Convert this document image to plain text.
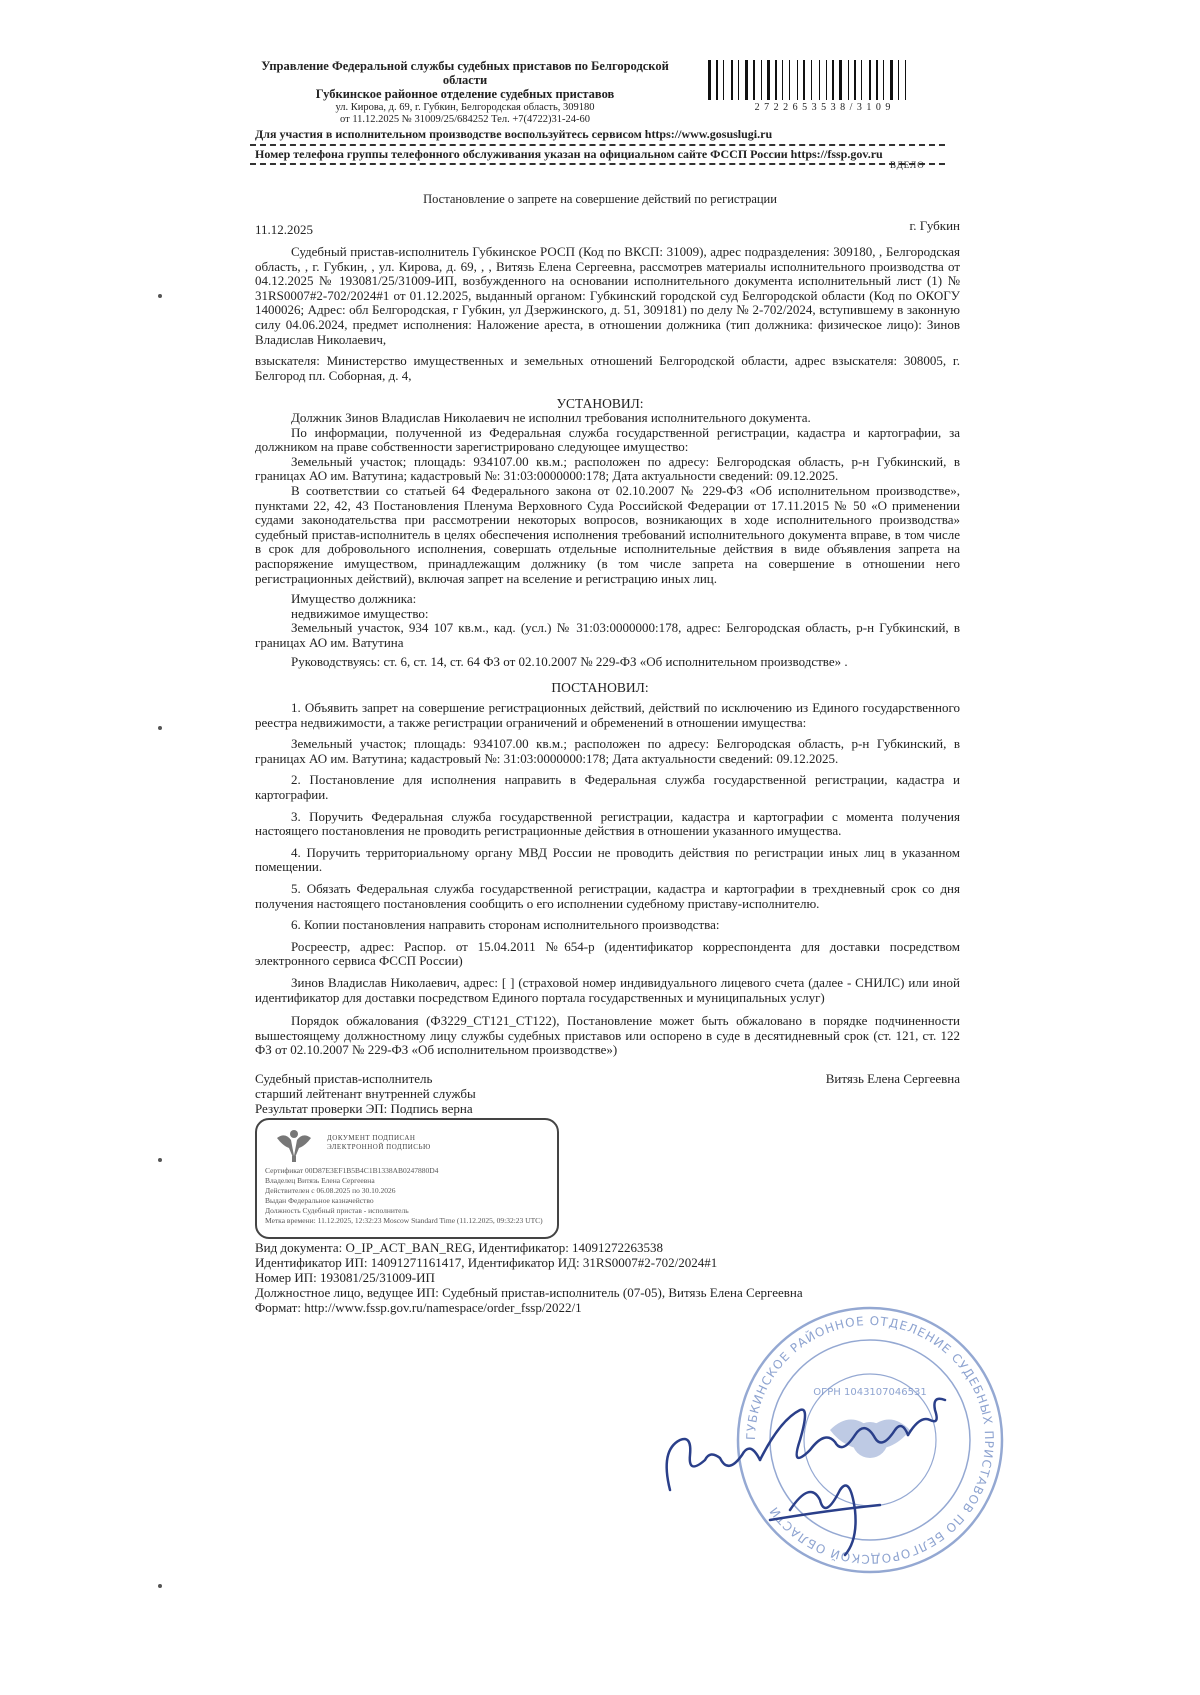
Управление Федеральной службы судебных приставов по Белгородской
области
Губкинское районное отделение судебных приставов
ул. Кирова, д. 69, г. Губкин, Белгородская область, 309180
от 11.12.2025 № 31009/25/684252 Тел. +7(4722)31-24-60
Для участия в исполнительном производстве воспользуйтесь сервисом https://www.gosuslugi.ru
Номер телефона группы телефонного обслуживания указан на официальном сайте ФССП России https://fssp.gov.ru
ВДЕЛО
2 7 2 2 6 5 3 5 3 8 / 3 1 0 9
Постановление о запрете на совершение действий по регистрации
11.12.2025	г. Губкин

Судебный пристав-исполнитель Губкинское РОСП (Код по ВКСП: 31009), адрес подразделения: 309180, , Белгородская область, , г. Губкин, , ул. Кирова, д. 69, , , Витязь Елена Сергеевна, рассмотрев материалы исполнительного производства от 04.12.2025 № 193081/25/31009-ИП, возбужденного на основании исполнительного документа исполнительный лист (1) № 31RS0007#2-702/2024#1 от 01.12.2025, выданный органом: Губкинский городской суд Белгородской области (Код по ОКОГУ 1400026; Адрес: обл Белгородская, г Губкин, ул Дзержинского, д. 51, 309181) по делу № 2-702/2024, вступившему в законную силу 04.06.2024, предмет исполнения: Наложение ареста, в отношении должника (тип должника: физическое лицо): Зинов Владислав Николаевич,

взыскателя: Министерство имущественных и земельных отношений Белгородской области, адрес взыскателя: 308005, г. Белгород пл. Соборная, д. 4,

УСТАНОВИЛ:

Должник Зинов Владислав Николаевич не исполнил требования исполнительного документа.

По информации, полученной из Федеральная служба государственной регистрации, кадастра и картографии, за должником на праве собственности зарегистрировано следующее имущество:

Земельный участок; площадь: 934107.00 кв.м.; расположен по адресу: Белгородская область, р-н Губкинский, в границах АО им. Ватутина; кадастровый №: 31:03:0000000:178; Дата актуальности сведений: 09.12.2025.

В соответствии со статьей 64 Федерального закона от 02.10.2007 № 229-ФЗ «Об исполнительном производстве», пунктами 22, 42, 43 Постановления Пленума Верховного Суда Российской Федерации от 17.11.2015 № 50 «О применении судами законодательства при рассмотрении некоторых вопросов, возникающих в ходе исполнительного производства» судебный пристав-исполнитель в целях обеспечения исполнения требований исполнительного документа вправе, в том числе в срок для добровольного исполнения, совершать отдельные исполнительные действия в виде объявления запрета на распоряжение имуществом, принадлежащим должнику (в том числе запрета на совершение в отношении него регистрационных действий), включая запрет на вселение и регистрацию иных лиц.

Имущество должника:

недвижимое имущество:

Земельный участок, 934 107 кв.м., кад. (усл.) № 31:03:0000000:178, адрес: Белгородская область, р-н Губкинский, в границах АО им. Ватутина

Руководствуясь: ст. 6, ст. 14, ст. 64 ФЗ от 02.10.2007 № 229-ФЗ «Об исполнительном производстве» .

ПОСТАНОВИЛ:

1. Объявить запрет на совершение регистрационных действий, действий по исключению из Единого государственного реестра недвижимости, а также регистрации ограничений и обременений в отношении имущества:

Земельный участок; площадь: 934107.00 кв.м.; расположен по адресу: Белгородская область, р-н Губкинский, в границах АО им. Ватутина; кадастровый №: 31:03:0000000:178; Дата актуальности сведений: 09.12.2025.

2. Постановление для исполнения направить в Федеральная служба государственной регистрации, кадастра и картографии.

3. Поручить Федеральная служба государственной регистрации, кадастра и картографии с момента получения настоящего постановления не проводить регистрационные действия в отношении указанного имущества.

4. Поручить территориальному органу МВД России не проводить действия по регистрации иных лиц в указанном помещении.

5. Обязать Федеральная служба государственной регистрации, кадастра и картографии в трехдневный срок со дня получения настоящего постановления сообщить о его исполнении судебному приставу-исполнителю.

6. Копии постановления направить сторонам исполнительного производства:

Росреестр, адрес: Распор. от 15.04.2011 №654-р (идентификатор корреспондента для доставки посредством электронного сервиса ФССП России)

Зинов Владислав Николаевич, адрес: [ ] (страховой номер индивидуального лицевого счета (далее - СНИЛС) или иной идентификатор для доставки посредством Единого портала государственных и муниципальных услуг)

Порядок обжалования (ФЗ229_СТ121_СТ122), Постановление может быть обжаловано в порядке подчиненности вышестоящему должностному лицу службы судебных приставов или оспорено в суде в десятидневный срок (ст. 121, ст. 122 ФЗ от 02.10.2007 № 229-ФЗ «Об исполнительном производстве»)

Судебный пристав-исполнитель
старший лейтенант внутренней службы
Результат проверки ЭП: Подпись верна
Витязь Елена Сергеевна
ДОКУМЕНТ ПОДПИСАН
ЭЛЕКТРОННОЙ ПОДПИСЬЮ
Сертификат 00D87E3EF1B5B4C1B1338AB0247880D4
Владелец Витязь Елена Сергеевна
Действителен с 06.08.2025 по 30.10.2026
Выдан Федеральное казначейство
Должность Судебный пристав - исполнитель
Метка времени: 11.12.2025, 12:32:23 Moscow Standard Time (11.12.2025, 09:32:23 UTC)
Вид документа: O_IP_ACT_BAN_REG, Идентификатор: 14091272263538
Идентификатор ИП: 14091271161417, Идентификатор ИД: 31RS0007#2-702/2024#1
Номер ИП: 193081/25/31009-ИП
Должностное лицо, ведущее ИП: Судебный пристав-исполнитель (07-05), Витязь Елена Сергеевна
Формат: http://www.fssp.gov.ru/namespace/order_fssp/2022/1
ГУБКИНСКОЕ РАЙОННОЕ ОТДЕЛЕНИЕ СУДЕБНЫХ ПРИСТАВОВ ПО БЕЛГОРОДСКОЙ ОБЛАСТИ
ОГРН 1043107046531
